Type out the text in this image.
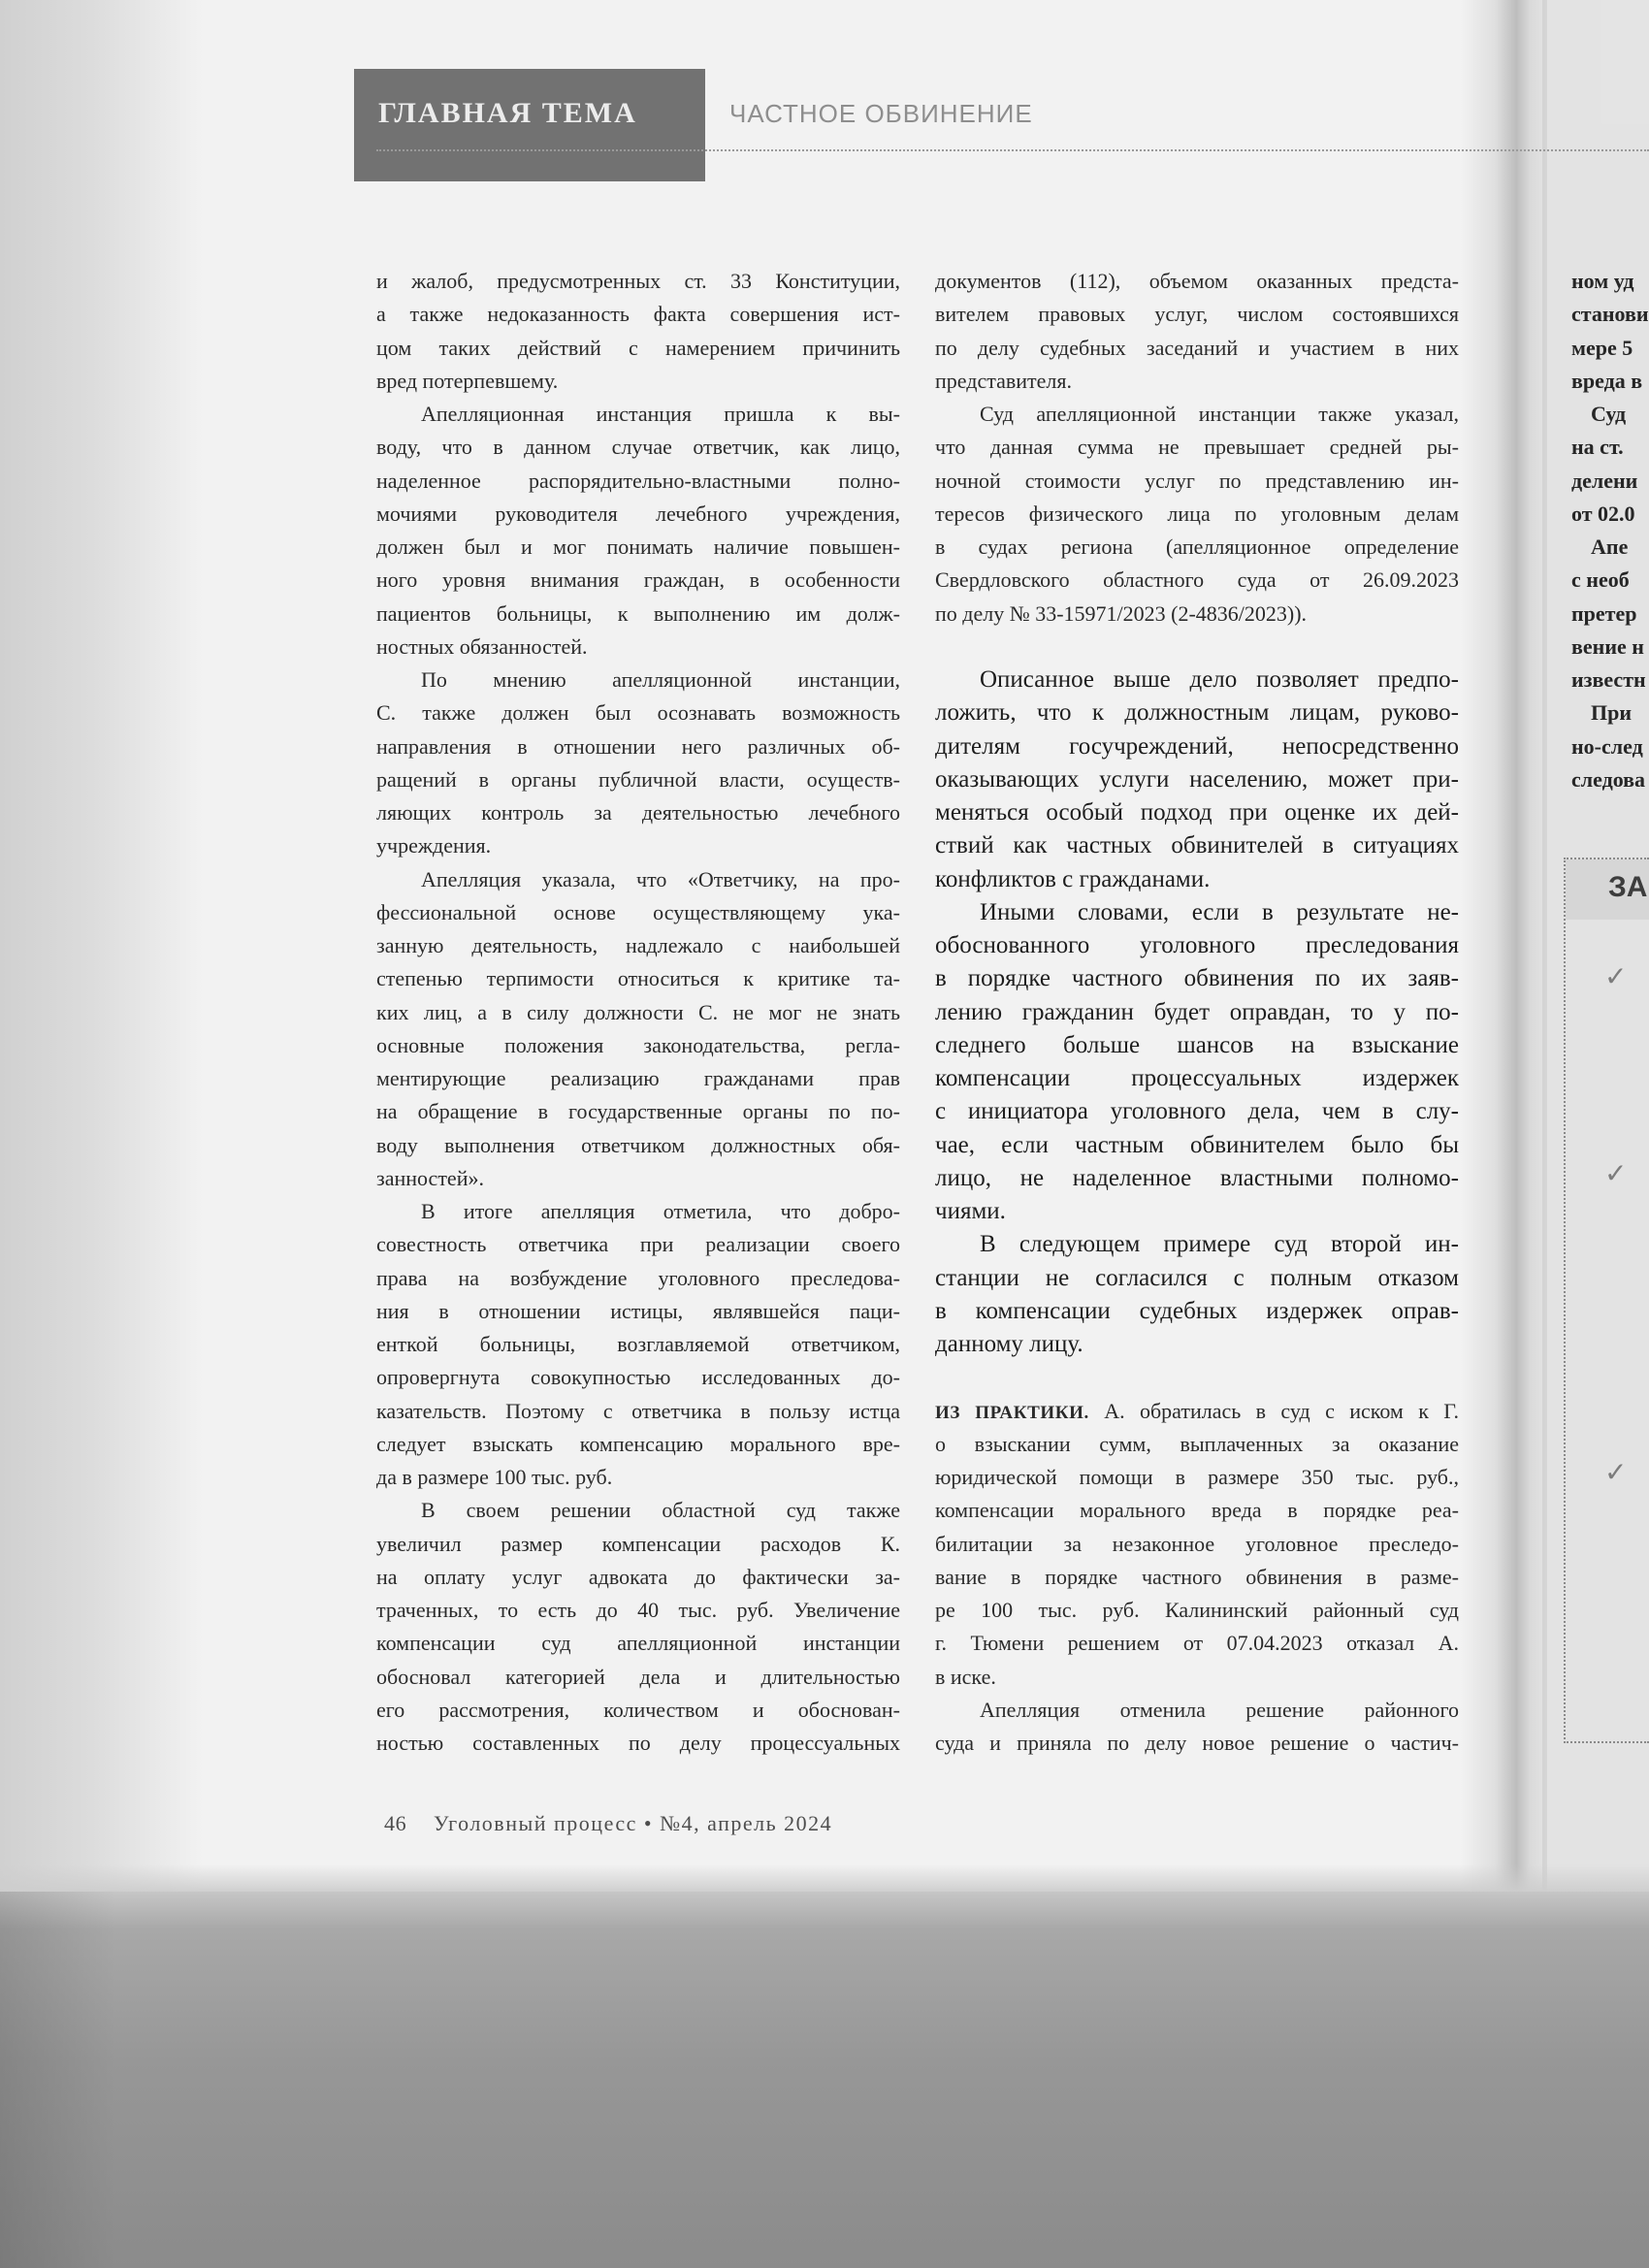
ГЛАВНАЯ ТЕМА	ЧАСТНОЕ ОБВИНЕНИЕ
и жалоб, предусмотренных ст. 33 Конституции,
а также недоказанность факта совершения ист-
цом таких действий с намерением причинить
вред потерпевшему.
Апелляционная инстанция пришла к вы-
воду, что в данном случае ответчик, как лицо,
наделенное распорядительно-властными полно-
мочиями руководителя лечебного учреждения,
должен был и мог понимать наличие повышен-
ного уровня внимания граждан, в особенности
пациентов больницы, к выполнению им долж-
ностных обязанностей.
По мнению апелляционной инстанции,
С. также должен был осознавать возможность
направления в отношении него различных об-
ращений в органы публичной власти, осуществ-
ляющих контроль за деятельностью лечебного
учреждения.
Апелляция указала, что «Ответчику, на про-
фессиональной основе осуществляющему ука-
занную деятельность, надлежало с наибольшей
степенью терпимости относиться к критике та-
ких лиц, а в силу должности С. не мог не знать
основные положения законодательства, регла-
ментирующие реализацию гражданами прав
на обращение в государственные органы по по-
воду выполнения ответчиком должностных обя-
занностей».
В итоге апелляция отметила, что добро-
совестность ответчика при реализации своего
права на возбуждение уголовного преследова-
ния в отношении истицы, являвшейся паци-
енткой больницы, возглавляемой ответчиком,
опровергнута совокупностью исследованных до-
казательств. Поэтому с ответчика в пользу истца
следует взыскать компенсацию морального вре-
да в размере 100 тыс. руб.
В своем решении областной суд также
увеличил размер компенсации расходов К.
на оплату услуг адвоката до фактически за-
траченных, то есть до 40 тыс. руб. Увеличение
компенсации суд апелляционной инстанции
обосновал категорией дела и длительностью
его рассмотрения, количеством и обоснован-
ностью составленных по делу процессуальных
документов (112), объемом оказанных предста-
вителем правовых услуг, числом состоявшихся
по делу судебных заседаний и участием в них
представителя.
Суд апелляционной инстанции также указал,
что данная сумма не превышает средней ры-
ночной стоимости услуг по представлению ин-
тересов физического лица по уголовным делам
в судах региона (апелляционное определение
Свердловского областного суда от 26.09.2023
по делу № 33-15971/2023 (2-4836/2023)).
Описанное выше дело позволяет предпо-
ложить, что к должностным лицам, руково-
дителям госучреждений, непосредственно
оказывающих услуги населению, может при-
меняться особый подход при оценке их дей-
ствий как частных обвинителей в ситуациях
конфликтов с гражданами.
Иными словами, если в результате не-
обоснованного уголовного преследования
в порядке частного обвинения по их заяв-
лению гражданин будет оправдан, то у по-
следнего больше шансов на взыскание
компенсации процессуальных издержек
с инициатора уголовного дела, чем в слу-
чае, если частным обвинителем было бы
лицо, не наделенное властными полномо-
чиями.
В следующем примере суд второй ин-
станции не согласился с полным отказом
в компенсации судебных издержек оправ-
данному лицу.
ИЗ ПРАКТИКИ. А. обратилась в суд с иском к Г.
о взыскании сумм, выплаченных за оказание
юридической помощи в размере 350 тыс. руб.,
компенсации морального вреда в порядке реа-
билитации за незаконное уголовное преследо-
вание в порядке частного обвинения в разме-
ре 100 тыс. руб. Калининский районный суд
г. Тюмени решением от 07.04.2023 отказал А.
в иске.
Апелляция отменила решение районного
суда и приняла по делу новое решение о частич-
46 Уголовный процесс • №4, апрель 2024
ном уд
станови
мере 5
вреда в
Суд
на ст.
делени
от 02.0
Апе
с необ
претер
вение н
известн
При
но-след
следова
ЗА
✓
✓
✓
